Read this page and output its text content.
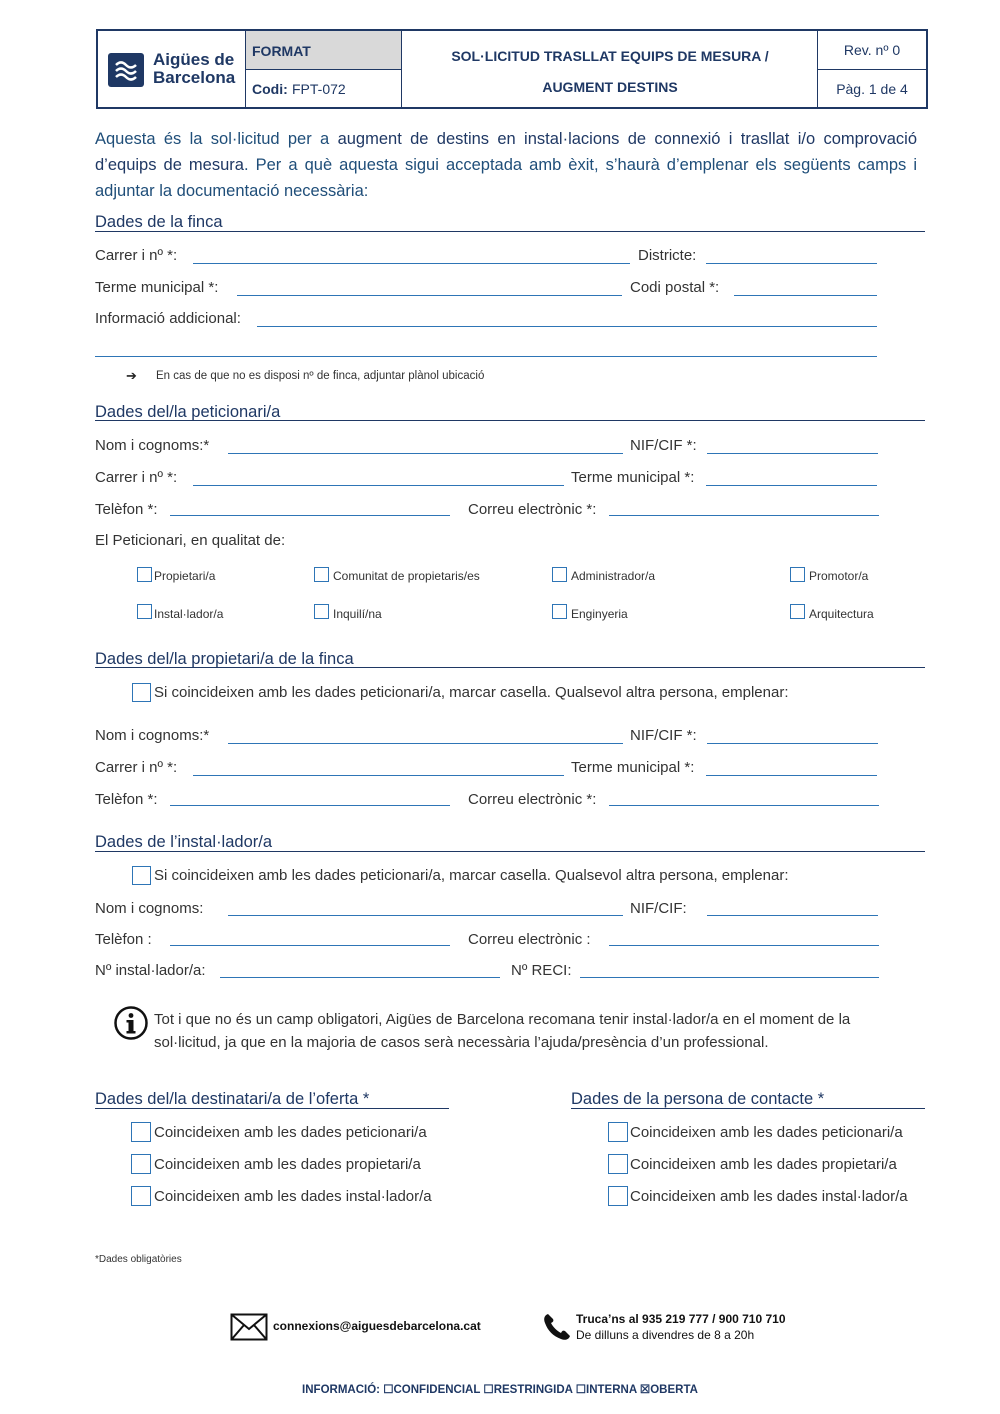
Aigües de
Barcelona
FORMAT
Codi: FPT-072
SOL·LICITUD TRASLLAT EQUIPS DE MESURA /
AUGMENT DESTINS
Rev. nº 0
Pàg. 1 de 4
Aquesta és la sol·licitud per a augment de destins en instal·lacions de connexió i trasllat i/o comprovació d’equips de mesura. Per a què aquesta sigui acceptada amb èxit, s’haurà d’emplenar els següents camps i adjuntar la documentació necessària:
Dades de la finca
Carrer i nº *:	Districte:
Terme municipal *:	Codi postal *:
Informació addicional:
➔ En cas de que no es disposi nº de finca, adjuntar plànol ubicació
Dades del/la peticionari/a
Nom i cognoms:*	NIF/CIF *:
Carrer i nº *:	Terme municipal *:
Telèfon *:	Correu electrònic *:
El Peticionari, en qualitat de:
Propietari/a	Comunitat de propietaris/es	Administrador/a	Promotor/a
Instal·lador/a	Inquilí/na	Enginyeria	Arquitectura
Dades del/la propietari/a de la finca
Si coincideixen amb les dades peticionari/a, marcar casella. Qualsevol altra persona, emplenar:
Nom i cognoms:*	NIF/CIF *:
Carrer i nº *:	Terme municipal *:
Telèfon *:	Correu electrònic *:
Dades de l’instal·lador/a
Si coincideixen amb les dades peticionari/a, marcar casella. Qualsevol altra persona, emplenar:
Nom i cognoms:	NIF/CIF:
Telèfon :	Correu electrònic :
Nº instal·lador/a:	Nº RECI:
Tot i que no és un camp obligatori, Aigües de Barcelona recomana tenir instal·lador/a en el moment de la sol·licitud, ja que en la majoria de casos serà necessària l’ajuda/presència d’un professional.
Dades del/la destinatari/a de l’oferta *	Dades de la persona de contacte *
Coincideixen amb les dades peticionari/a
Coincideixen amb les dades propietari/a
Coincideixen amb les dades instal·lador/a
Coincideixen amb les dades peticionari/a
Coincideixen amb les dades propietari/a
Coincideixen amb les dades instal·lador/a
*Dades obligatòries
connexions@aiguesdebarcelona.cat	Truca’ns al 935 219 777 / 900 710 710
De dilluns a divendres de 8 a 20h
INFORMACIÓ: ☐CONFIDENCIAL ☐RESTRINGIDA ☐INTERNA ☒OBERTA
